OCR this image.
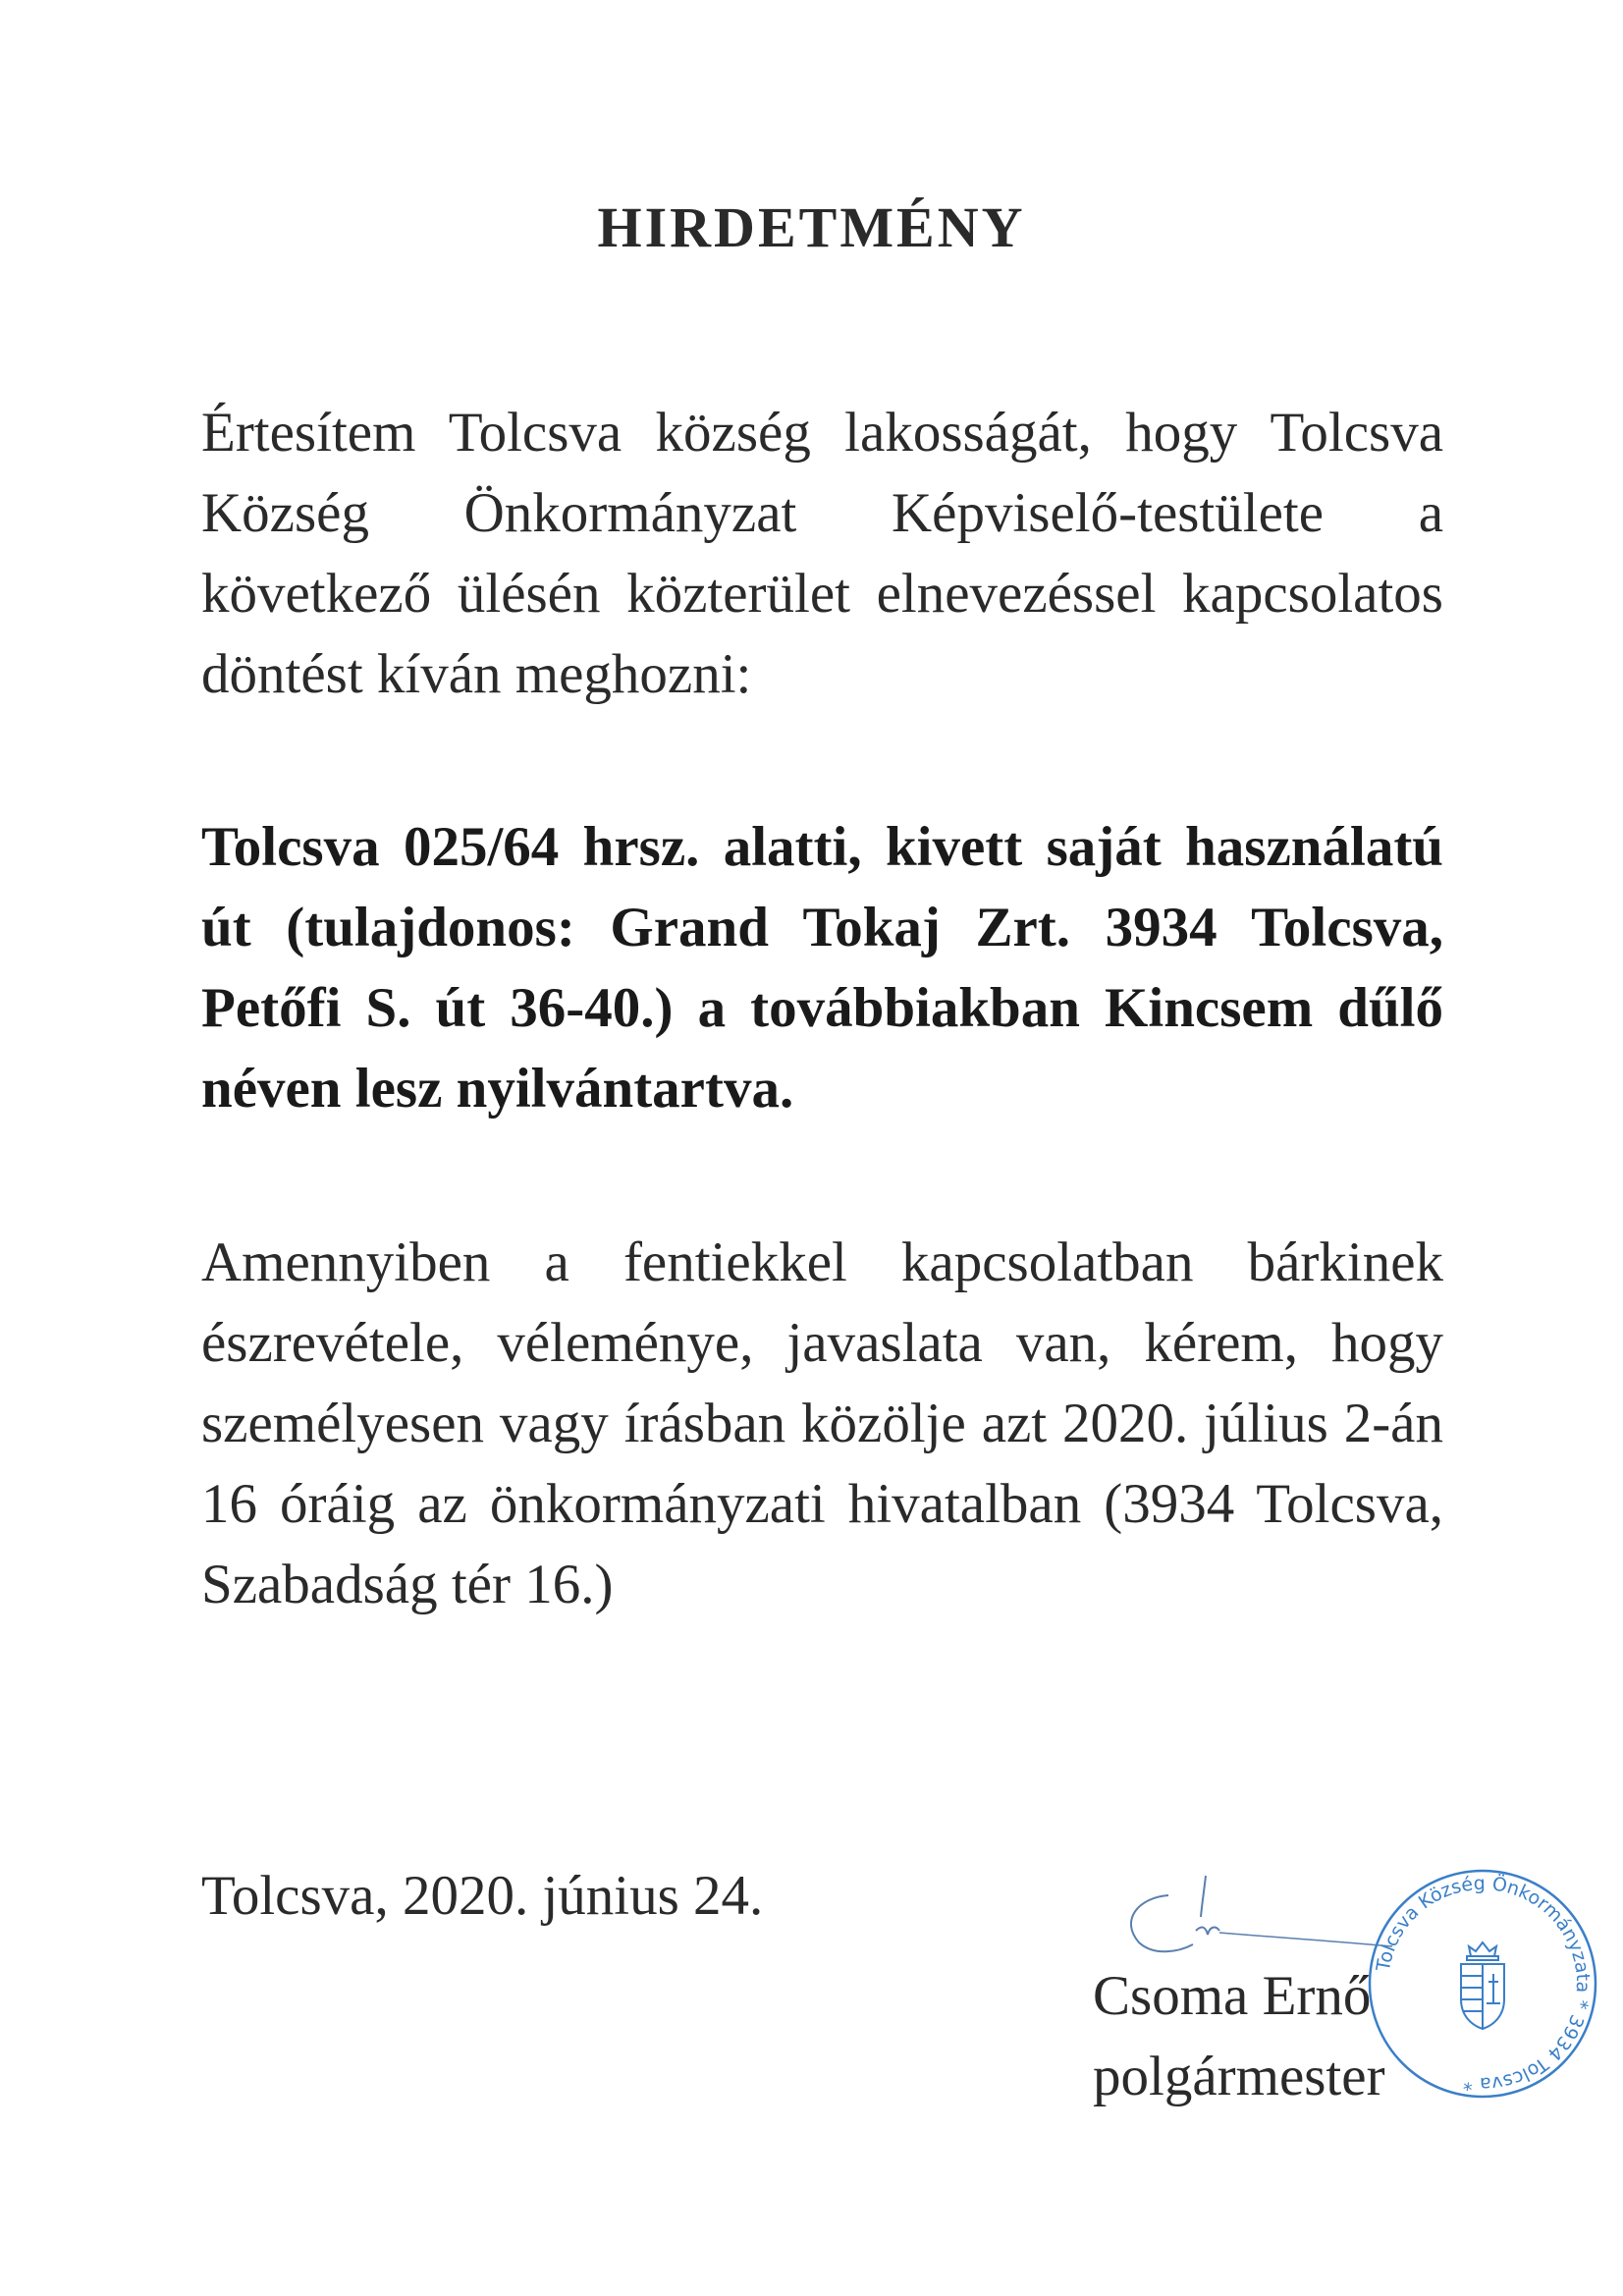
HIRDETMÉNY

Értesítem Tolcsva község lakosságát, hogy Tolcsva Község Önkormányzat Képviselő-testülete a következő ülésén közterület elnevezéssel kapcsolatos döntést kíván meghozni:

Tolcsva 025/64 hrsz. alatti, kivett saját használatú út (tulajdonos: Grand Tokaj Zrt. 3934 Tolcsva, Petőfi S. út 36-40.) a továbbiakban Kincsem dűlő néven lesz nyilvántartva.

Amennyiben a fentiekkel kapcsolatban bárkinek észrevétele, véleménye, javaslata van, kérem, hogy személyesen vagy írásban közölje azt 2020. július 2-án 16 óráig az önkormányzati hivatalban (3934 Tolcsva, Szabadság tér 16.)

Tolcsva, 2020. június 24.
Tolcsva Község Önkormányzata * 3934 Tolcsva *
Csoma Ernő
polgármester
